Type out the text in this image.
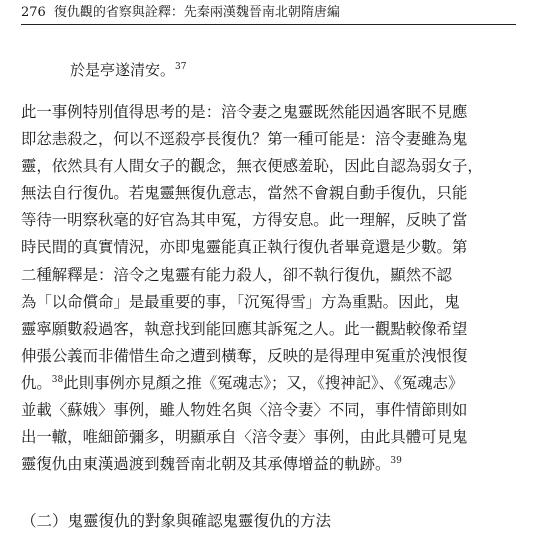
276 復仇觀的省察與詮釋：先秦兩漢魏晉南北朝隋唐編
於是亭遂清安。$^{37}$
此一事例特別值得思考的是：涪令妻之鬼靈既然能因過客眠不見應
即忿恚殺之，何以不逕殺亭長復仇？第一種可能是：涪令妻雖為鬼
靈，依然具有人間女子的觀念，無衣便感羞恥，因此自認為弱女子，
無法自行復仇。若鬼靈無復仇意志，當然不會親自動手復仇，只能
等待一明察秋毫的好官為其申冤，方得安息。此一理解，反映了當
時民間的真實情況，亦即鬼靈能真正執行復仇者畢竟還是少數。第
二種解釋是：涪令之鬼靈有能力殺人，卻不執行復仇，顯然不認
為「以命償命」是最重要的事，「沉冤得雪」方為重點。因此，鬼
靈寧願數殺過客，執意找到能回應其訴冤之人。此一觀點較像希望
伸張公義而非備惜生命之遭到橫奪，反映的是得理申冤重於洩恨復
仇。$^{38}$此則事例亦見顏之推《冤魂志》；又，《搜神記》、《冤魂志》
並載〈蘇娥〉事例，雖人物姓名與〈涪令妻〉不同，事件情節則如
出一轍，唯細節彌多，明顯承自〈涪令妻〉事例，由此具體可見鬼
靈復仇由東漢過渡到魏晉南北朝及其承傳增益的軌跡。$^{39}$
（二）鬼靈復仇的對象與確認鬼靈復仇的方法
